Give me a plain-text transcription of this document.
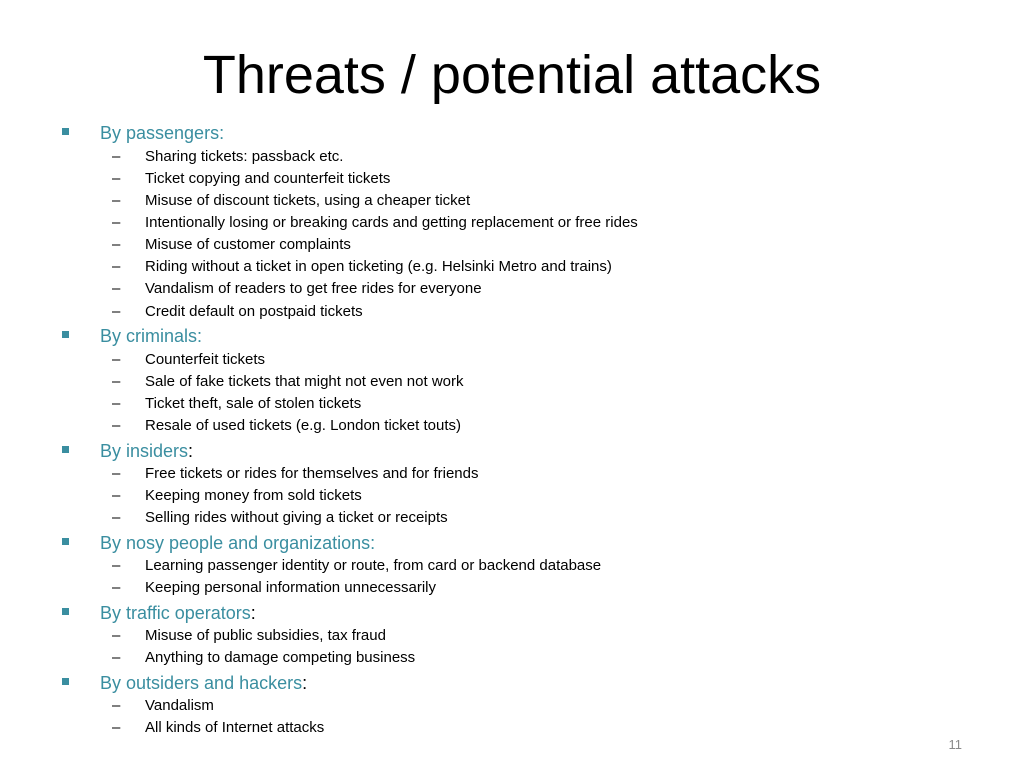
Threats / potential attacks
By passengers:
– Sharing tickets: passback etc.
– Ticket copying and counterfeit tickets
– Misuse of discount tickets, using a cheaper ticket
– Intentionally losing or breaking cards and getting replacement or free rides
– Misuse of customer complaints
– Riding without a ticket in open ticketing (e.g. Helsinki Metro and trains)
– Vandalism of readers to get free rides for everyone
– Credit default on postpaid tickets
By criminals:
– Counterfeit tickets
– Sale of fake tickets that might not even not work
– Ticket theft, sale of stolen tickets
– Resale of used tickets (e.g. London ticket touts)
By insiders:
– Free tickets or rides for themselves and for friends
– Keeping money from sold tickets
– Selling rides without giving a ticket or receipts
By nosy people and organizations:
– Learning passenger identity or route, from card or backend database
– Keeping personal information unnecessarily
By traffic operators:
– Misuse of public subsidies, tax fraud
– Anything to damage competing business
By outsiders and hackers:
– Vandalism
– All kinds of Internet attacks
11
